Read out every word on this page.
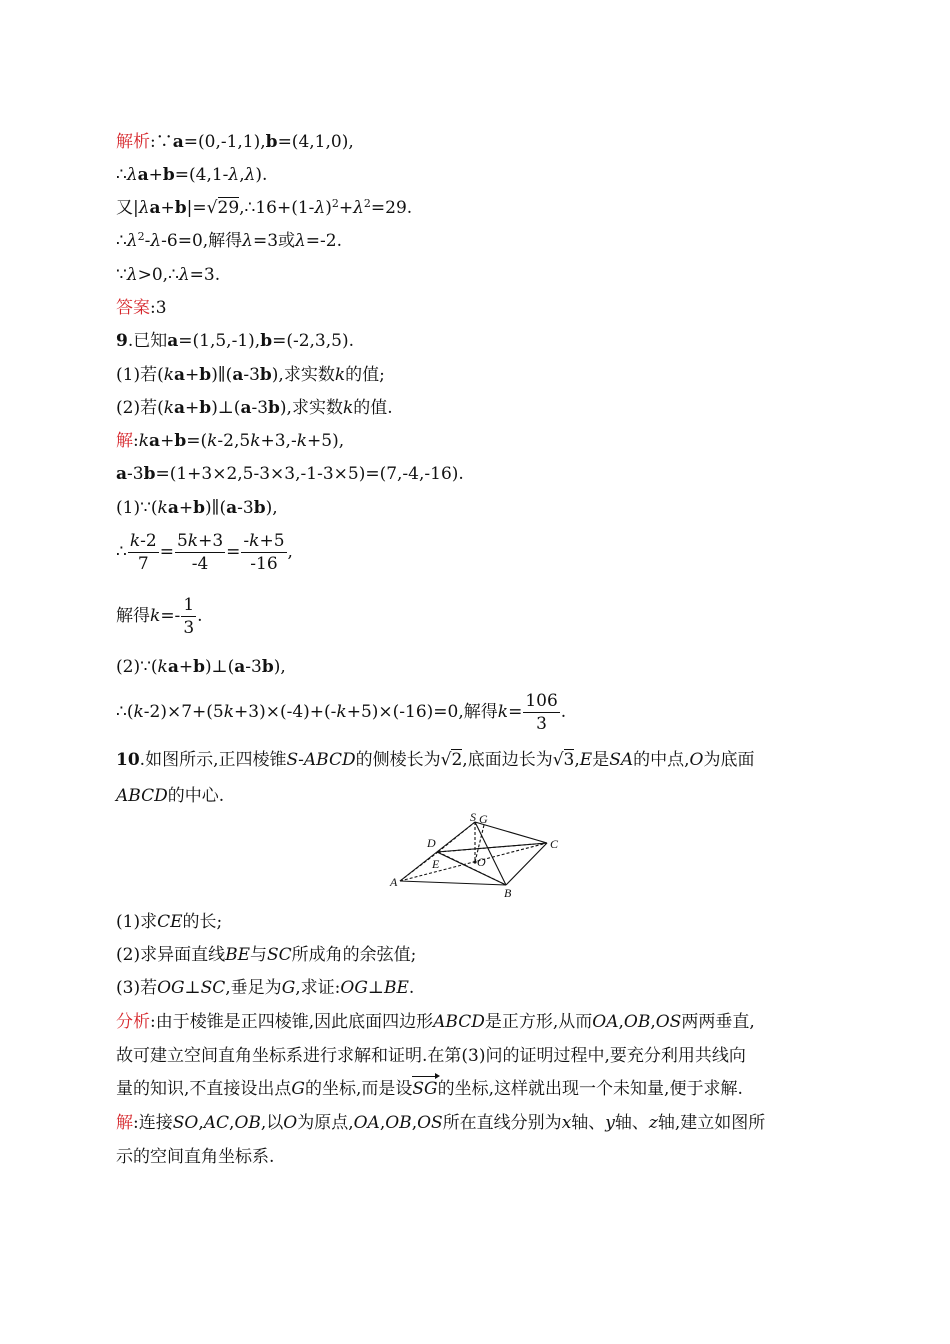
解析:∵a=(0,-1,1),b=(4,1,0),
∴λa+b=(4,1-λ,λ).
又$|\lambda a+b|=√29,\therefore 16+(1-\lambda)^2+\lambda^2=29$.
$\therefore\lambda^2-\lambda-6=0$,解得λ=3或λ=-2.
∵λ>0,∴λ=3.
答案:3
9.已知a=(1,5,-1),b=(-2,3,5).
(1)若(ka+b)∥(a-3b),求实数k的值;
(2)若(ka+b)⊥(a-3b),求实数k的值.
解:ka+b=(k-2,5k+3,-k+5),
a-3b=(1+3×2,5-3×3,-1-3×5)=(7,-4,-16).
(1)∵(ka+b)∥(a-3b),
∴ $\frac{k-2}{7} = \frac{5k+3}{-4} = \frac{-k+5}{-16}$ ,
解得$k=- \frac{1}{3}$ .
(2)∵(ka+b)⊥(a-3b),
∴(k-2)×7+(5k+3)×(-4)+(-k+5)×(-16)=0,解得$k= \frac{106}{3}$ .
10.如图所示,正四棱锥S-ABCD的侧棱长为√2,底面边长为√3,E是SA的中点,O为底面
ABCD的中心.
S G
D	C
E	O
A
B
(1)求CE的长;
(2)求异面直线BE与SC所成角的余弦值;
(3)若OG⊥SC,垂足为G,求证:OG⊥BE.
分析:由于棱锥是正四棱锥,因此底面四边形ABCD是正方形,从而OA,OB,OS两两垂直,
故可建立空间直角坐标系进行求解和证明.在第(3)问的证明过程中,要充分利用共线向
量的知识,不直接设出点G的坐标,而是设SG的坐标,这样就出现一个未知量,便于求解.
解:连接SO,AC,OB,以O为原点,OA,OB,OS所在直线分别为x轴、y轴、z轴,建立如图所
示的空间直角坐标系.
